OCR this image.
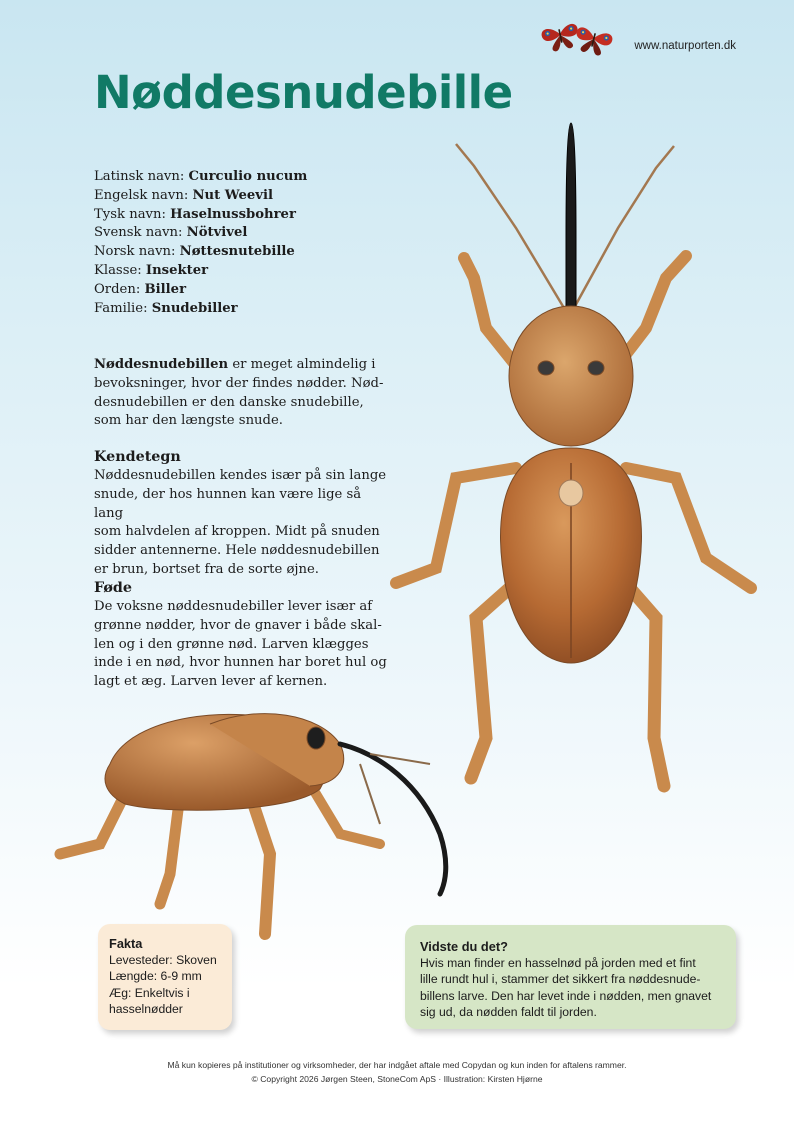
www.naturporten.dk
Nøddesnudebille
Latinsk navn: Curculio nucum
Engelsk navn: Nut Weevil
Tysk navn: Haselnussbohrer
Svensk navn: Nötvivel
Norsk navn: Nøttesnutebille
Klasse: Insekter
Orden: Biller
Familie: Snudebiller

Nøddesnudebillen er meget almindelig i

bevoksninger, hvor der findes nødder. Nød-

desnudebillen er den danske snudebille,

som har den længste snude.

Kendetegn

Nøddesnudebillen kendes især på sin lange

snude, der hos hunnen kan være lige så lang

som halvdelen af kroppen. Midt på snuden

sidder antennerne. Hele nøddesnudebillen

er brun, bortset fra de sorte øjne.

Føde

De voksne nøddesnudebiller lever især af

grønne nødder, hvor de gnaver i både skal-

len og i den grønne nød. Larven klægges

inde i en nød, hvor hunnen har boret hul og

lagt et æg. Larven lever af kernen.

Fakta
Levesteder: Skoven
Længde: 6-9 mm
Æg: Enkeltvis i
hasselnødder
Vidste du det?
Hvis man finder en hasselnød på jorden med et fint
lille rundt hul i, stammer det sikkert fra nøddesnude-
billens larve. Den har levet inde i nødden, men gnavet
sig ud, da nødden faldt til jorden.
Må kun kopieres på institutioner og virksomheder, der har indgået aftale med Copydan og kun inden for aftalens rammer.
© Copyright 2026 Jørgen Steen, StoneCom ApS · Illustration: Kirsten Hjørne
